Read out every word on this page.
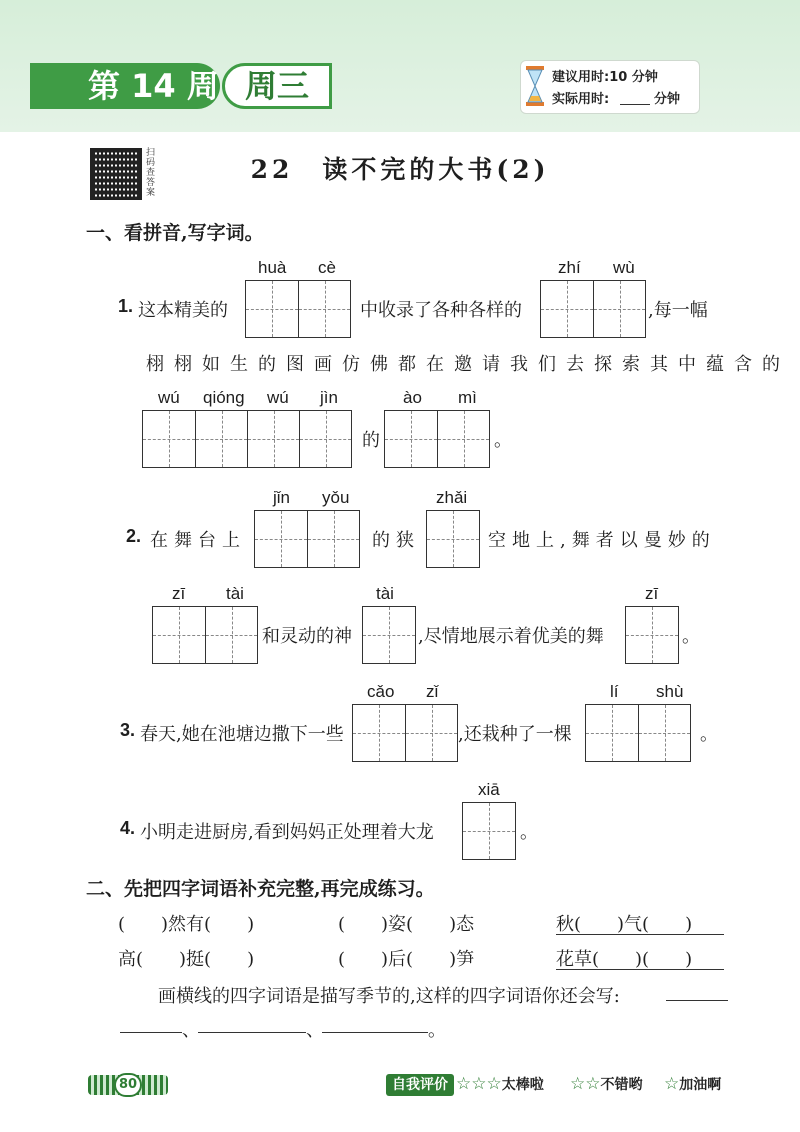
第 14 周 周三	建议用时:10 分钟
实际用时:	分钟
扫码查答案
22　读不完的大书(2)
一、看拼音,写字词。
huà cè
1. 这本精美的	中收录了各种各样的
zhí wù
,每一幅
栩栩如生的图画仿佛都在邀请我们去探索其中蕴含的
wú qióng wú jìn
的
ào mì
。
jǐn yǒu
2. 在舞台上	的狭
zhǎi
空地上,舞者以曼妙的
zī tài
和灵动的神
tài
,尽情地展示着优美的舞
zī
。
cǎo zǐ
3. 春天,她在池塘边撒下一些	,还栽种了一棵
lí shù
。
xiā
4. 小明走进厨房,看到妈妈正处理着大龙	。
二、先把四字词语补充完整,再完成练习。
(　　)然有(　　)	(　　)姿(　　)态	秋(　　)气(　　)
高(　　)挺(　　)	(　　)后(　　)笋	花草(　　)(　　)
画横线的四字词语是描写季节的,这样的四字词语你还会写:
、	、	。
80	自我评价 ☆☆☆太棒啦 ☆☆不错哟 ☆加油啊
